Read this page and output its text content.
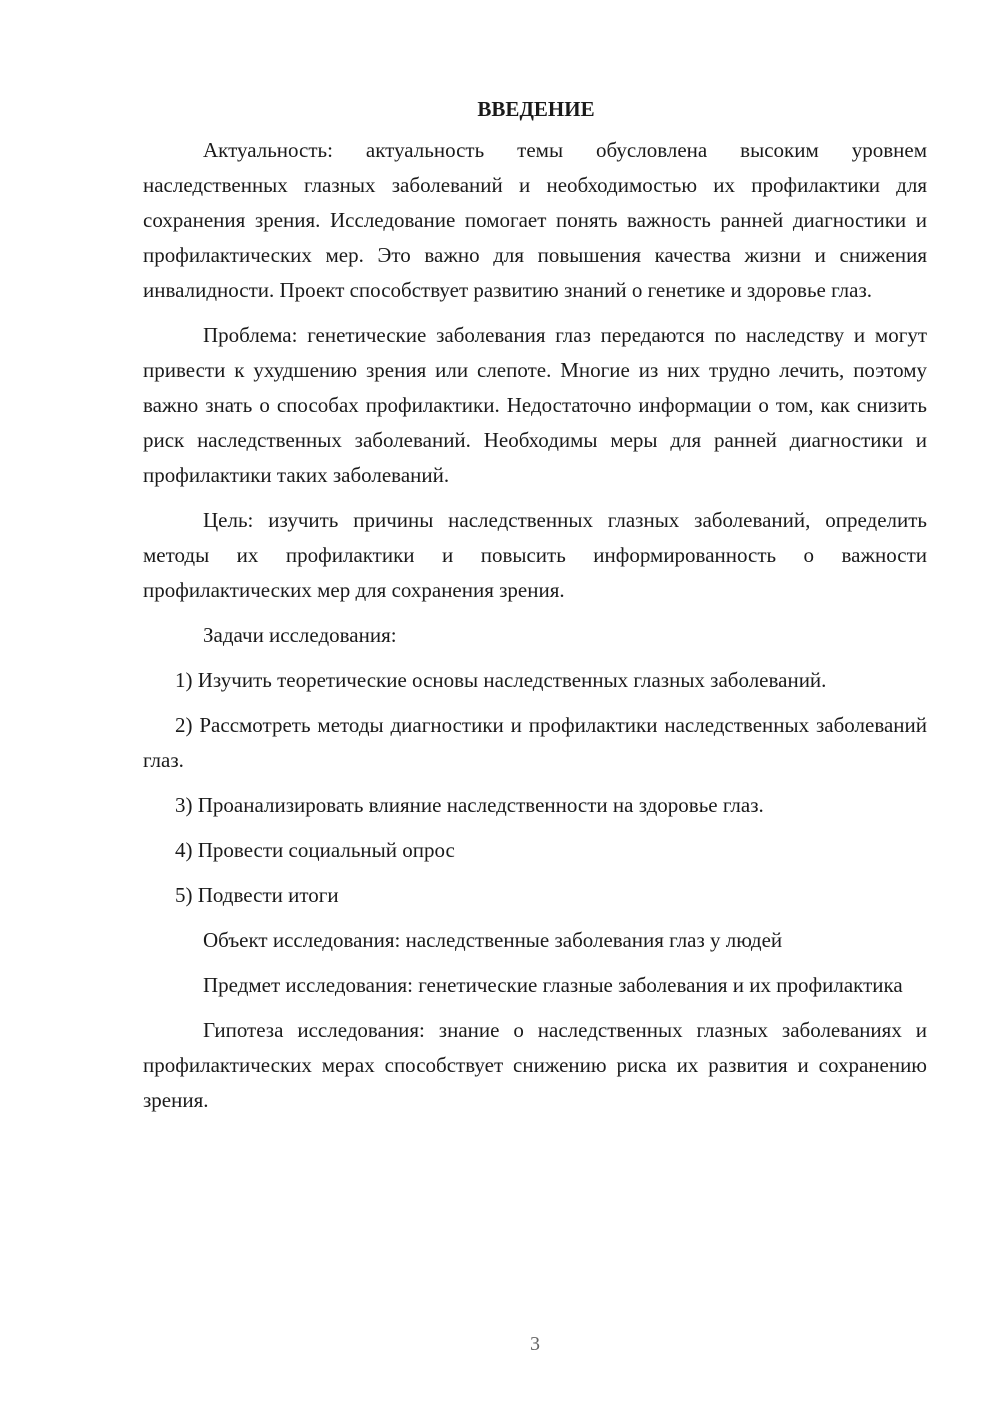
ВВЕДЕНИЕ

Актуальность: актуальность темы обусловлена высоким уровнем наследственных глазных заболеваний и необходимостью их профилактики для сохранения зрения. Исследование помогает понять важность ранней диагностики и профилактических мер. Это важно для повышения качества жизни и снижения инвалидности. Проект способствует развитию знаний о генетике и здоровье глаз.

Проблема: генетические заболевания глаз передаются по наследству и могут привести к ухудшению зрения или слепоте. Многие из них трудно лечить, поэтому важно знать о способах профилактики. Недостаточно информации о том, как снизить риск наследственных заболеваний. Необходимы меры для ранней диагностики и профилактики таких заболеваний.

Цель: изучить причины наследственных глазных заболеваний, определить методы их профилактики и повысить информированность о важности профилактических мер для сохранения зрения.

Задачи исследования:

1) Изучить теоретические основы наследственных глазных заболеваний.

2) Рассмотреть методы диагностики и профилактики наследственных заболеваний глаз.

3) Проанализировать влияние наследственности на здоровье глаз.

4) Провести социальный опрос

5) Подвести итоги

Объект исследования: наследственные заболевания глаз у людей

Предмет исследования: генетические глазные заболевания и их профилактика

Гипотеза исследования: знание о наследственных глазных заболеваниях и профилактических мерах способствует снижению риска их развития и сохранению зрения.

3
